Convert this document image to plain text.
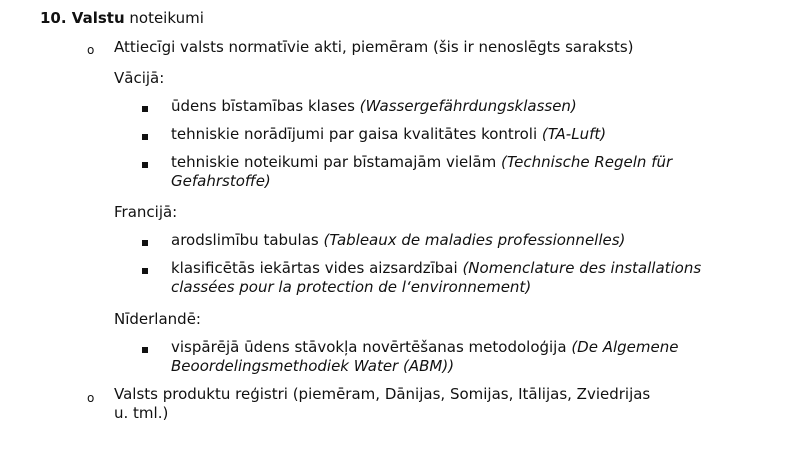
10. Valstu noteikumi
o Attiecīgi valsts normatīvie akti, piemēram (šis ir nenoslēgts saraksts)
Vācijā:
ūdens bīstamības klases (Wassergefährdungsklassen)
tehniskie norādījumi par gaisa kvalitātes kontroli (TA-Luft)
tehniskie noteikumi par bīstamajām vielām (Technische Regeln für
Gefahrstoffe)
Francijā:
arodslimību tabulas (Tableaux de maladies professionnelles)
klasificētās iekārtas vides aizsardzībai (Nomenclature des installations
classées pour la protection de l‘environnement)
Nīderlandē:
vispārējā ūdens stāvokļa novērtēšanas metodoloģija (De Algemene
Beoordelingsmethodiek Water (ABM))
o Valsts produktu reģistri (piemēram, Dānijas, Somijas, Itālijas, Zviedrijas
u. tml.)
